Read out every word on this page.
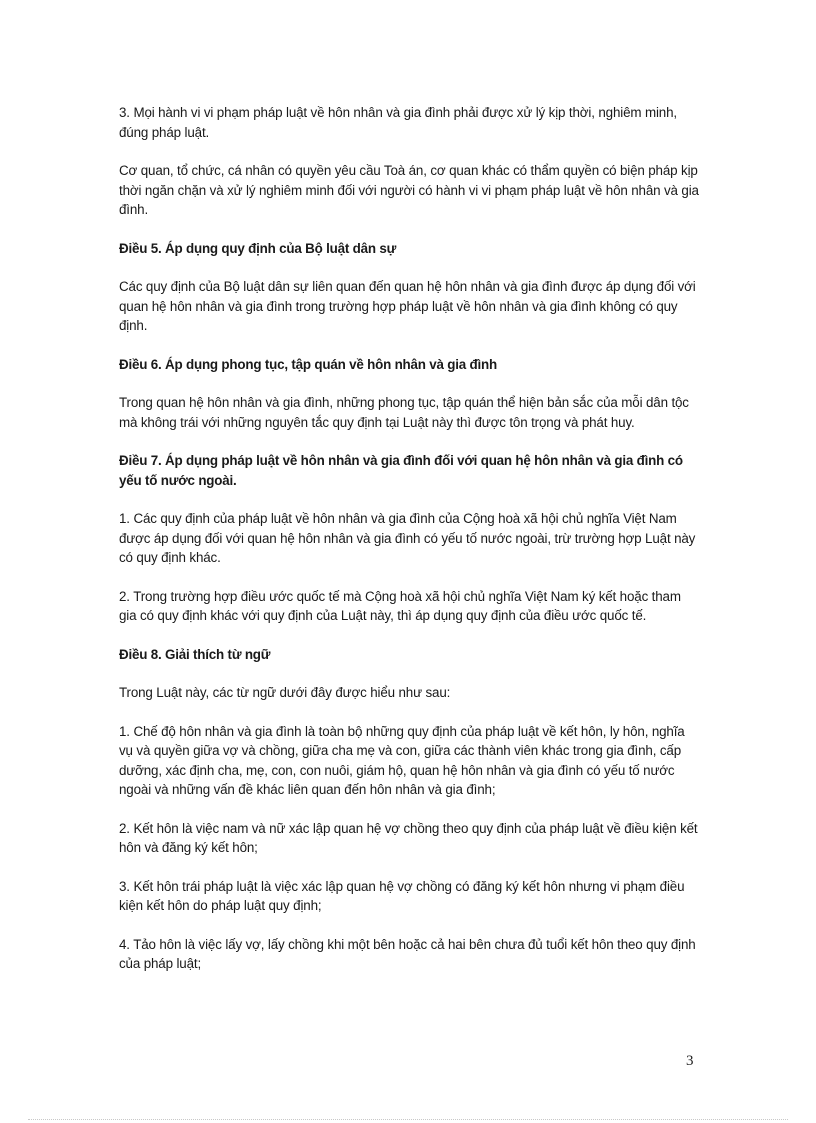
3. Mọi hành vi vi phạm pháp luật về hôn nhân và gia đình phải được xử lý kịp thời, nghiêm minh, đúng pháp luật.

Cơ quan, tổ chức, cá nhân có quyền yêu cầu Toà án, cơ quan khác có thẩm quyền có biện pháp kịp thời ngăn chặn và xử lý nghiêm minh đối với người có hành vi vi phạm pháp luật về hôn nhân và gia đình.

Điều 5. Áp dụng quy định của Bộ luật dân sự

Các quy định của Bộ luật dân sự liên quan đến quan hệ hôn nhân và gia đình được áp dụng đối với quan hệ hôn nhân và gia đình trong trường hợp pháp luật về hôn nhân và gia đình không có quy định.

Điều 6. Áp dụng phong tục, tập quán về hôn nhân và gia đình

Trong quan hệ hôn nhân và gia đình, những phong tục, tập quán thể hiện bản sắc của mỗi dân tộc mà không trái với những nguyên tắc quy định tại Luật này thì được tôn trọng và phát huy.

Điều 7. Áp dụng pháp luật về hôn nhân và gia đình đối với quan hệ hôn nhân và gia đình có yếu tố nước ngoài.

1. Các quy định của pháp luật về hôn nhân và gia đình của Cộng hoà xã hội chủ nghĩa Việt Nam được áp dụng đối với quan hệ hôn nhân và gia đình có yếu tố nước ngoài, trừ trường hợp Luật này có quy định khác.

2. Trong trường hợp điều ước quốc tế mà Cộng hoà xã hội chủ nghĩa Việt Nam ký kết hoặc tham gia có quy định khác với quy định của Luật này, thì áp dụng quy định của điều ước quốc tế.

Điều 8. Giải thích từ ngữ

Trong Luật này, các từ ngữ dưới đây được hiểu như sau:

1. Chế độ hôn nhân và gia đình là toàn bộ những quy định của pháp luật về kết hôn, ly hôn, nghĩa vụ và quyền giữa vợ và chồng, giữa cha mẹ và con, giữa các thành viên khác trong gia đình, cấp dưỡng, xác định cha, mẹ, con, con nuôi, giám hộ, quan hệ hôn nhân và gia đình có yếu tố nước ngoài và những vấn đề khác liên quan đến hôn nhân và gia đình;

2. Kết hôn là việc nam và nữ xác lập quan hệ vợ chồng theo quy định của pháp luật về điều kiện kết hôn và đăng ký kết hôn;

3. Kết hôn trái pháp luật là việc xác lập quan hệ vợ chồng có đăng ký kết hôn nhưng vi phạm điều kiện kết hôn do pháp luật quy định;

4. Tảo hôn là việc lấy vợ, lấy chồng khi một bên hoặc cả hai bên chưa đủ tuổi kết hôn theo quy định của pháp luật;

3
